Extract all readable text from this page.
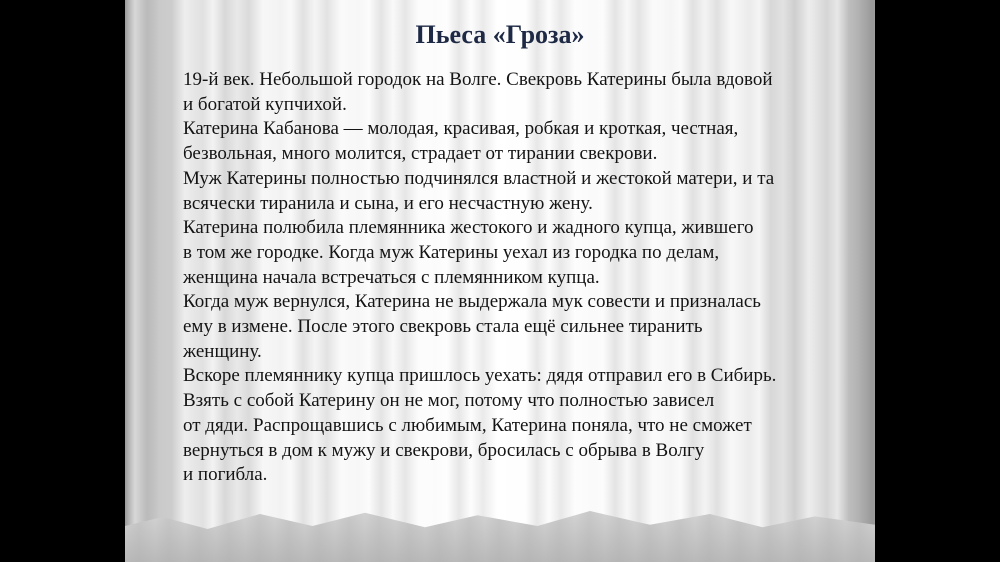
Пьеса «Гроза»
19-й век. Небольшой городок на Волге. Свекровь Катерины была вдовой
и богатой купчихой.
Катерина Кабанова — молодая, красивая, робкая и кроткая, честная,
безвольная, много молится, страдает от тирании свекрови.
Муж Катерины полностью подчинялся властной и жестокой матери, и та
всячески тиранила и сына, и его несчастную жену.
Катерина полюбила племянника жестокого и жадного купца, жившего
в том же городке. Когда муж Катерины уехал из городка по делам,
женщина начала встречаться с племянником купца.
Когда муж вернулся, Катерина не выдержала мук совести и призналась
ему в измене. После этого свекровь стала ещё сильнее тиранить
женщину.
Вскоре племяннику купца пришлось уехать: дядя отправил его в Сибирь.
Взять с собой Катерину он не мог, потому что полностью зависел
от дяди. Распрощавшись с любимым, Катерина поняла, что не сможет
вернуться в дом к мужу и свекрови, бросилась с обрыва в Волгу
и погибла.
